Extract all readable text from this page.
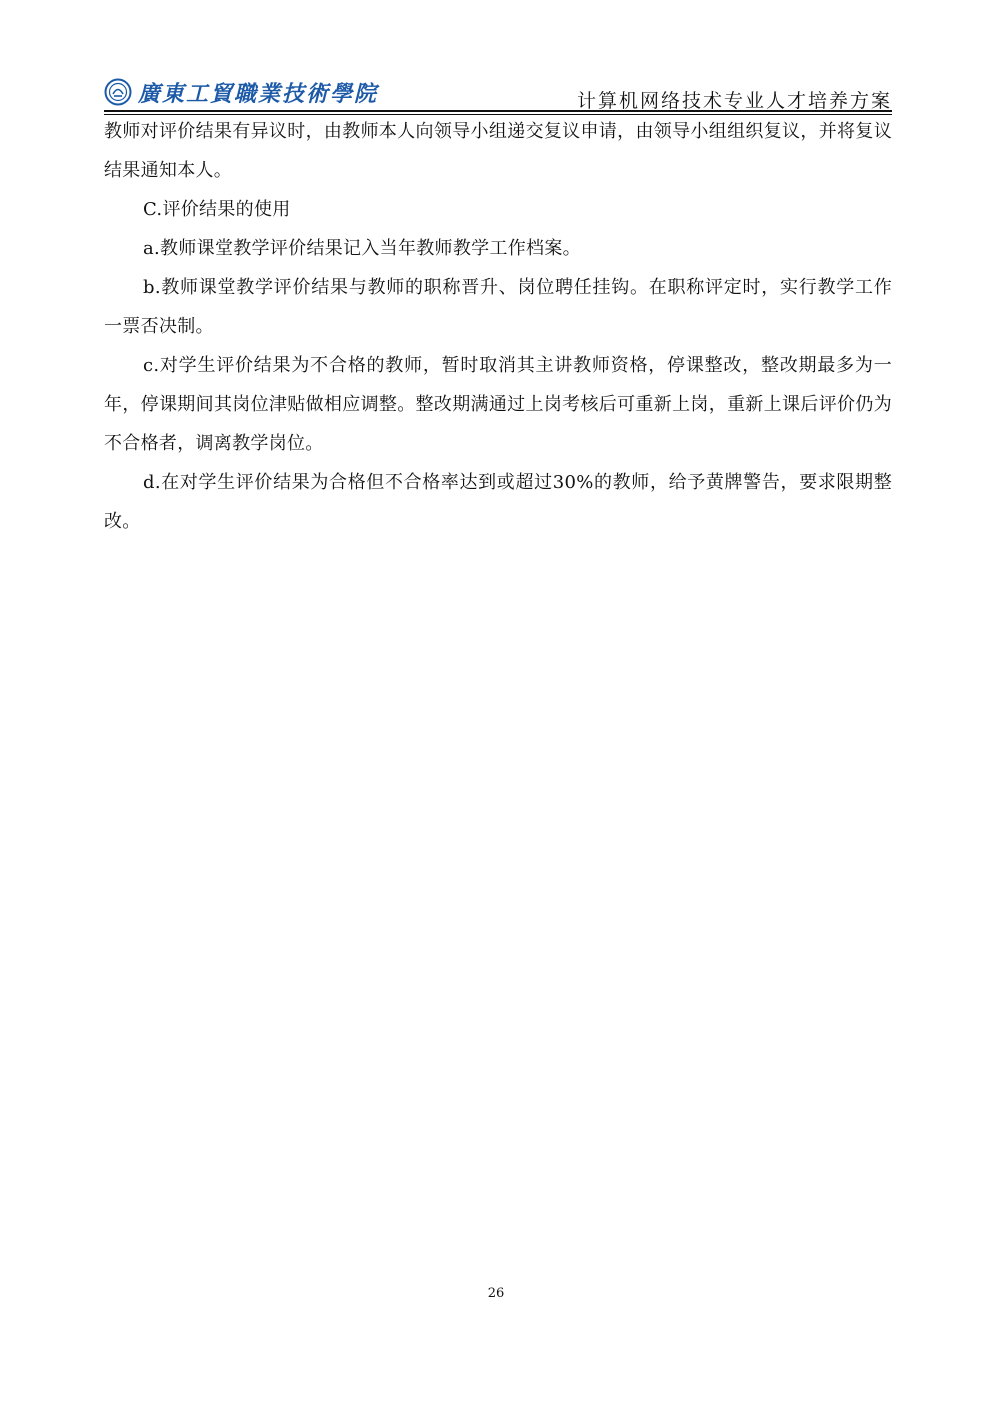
廣東工貿職業技術學院	计算机网络技术专业人才培养方案

教师对评价结果有异议时，由教师本人向领导小组递交复议申请，由领导小组组织复议，并将复议结果通知本人。

C.评价结果的使用

a.教师课堂教学评价结果记入当年教师教学工作档案。

b.教师课堂教学评价结果与教师的职称晋升、岗位聘任挂钩。在职称评定时，实行教学工作一票否决制。

c.对学生评价结果为不合格的教师，暂时取消其主讲教师资格，停课整改，整改期最多为一年，停课期间其岗位津贴做相应调整。整改期满通过上岗考核后可重新上岗，重新上课后评价仍为不合格者，调离教学岗位。

d.在对学生评价结果为合格但不合格率达到或超过30%的教师，给予黄牌警告，要求限期整改。

26
